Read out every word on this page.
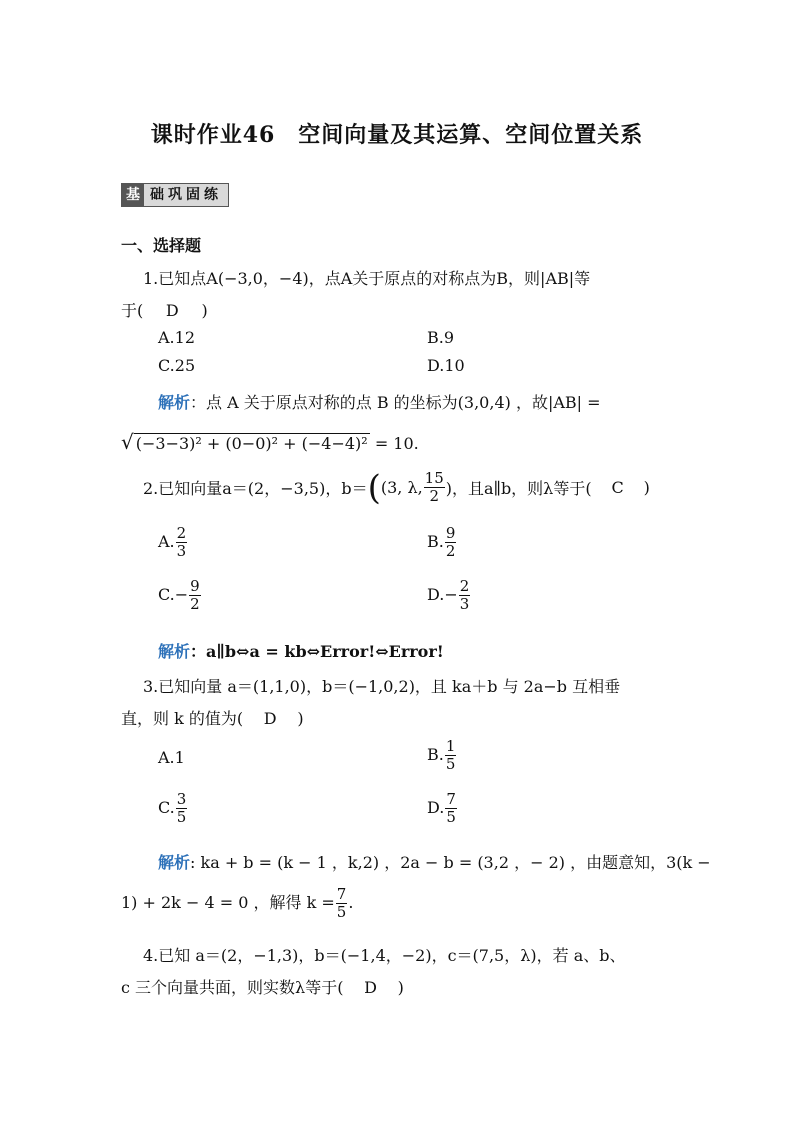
课时作业46　空间向量及其运算、空间位置关系
基 础巩固练
一、选择题
1.已知点A(−3,0，−4)，点A关于原点的对称点为B，则|AB|等
于( D )
A.12	B.9
C.25	D.10
解析：点 A 关于原点对称的点 B 的坐标为(3,0,4) ，故|AB| =
√ (−3−3)² + (0−0)² + (−4−4)² = 10.
2.已知向量a＝(2，−3,5)，b＝ ( (3, λ, $\frac{15}{2}$ )，且a∥b，则λ等于(	C	)
A. $\frac{2}{3}$	B. $\frac{9}{2}$
$C.- \frac{9}{2}$	$D.- \frac{2}{3}$
解析：a∥b⇔a = kb⇔Error!⇔Error!
3.已知向量 a＝(1,1,0)，b＝(−1,0,2)，且 ka＋b 与 2a−b 互相垂
直，则 k 的值为( D )
A.1	B. $\frac{1}{5}$
C. $\frac{3}{5}$	D. $\frac{7}{5}$
解析: ka + b = (k − 1 ，k,2) ，2a − b = (3,2 ，− 2) ，由题意知，3(k −
1) + 2k − 4 = 0 ，解得 $k = \frac{7}{5}$ .
4.已知 a＝(2，−1,3)，b＝(−1,4，−2)，c＝(7,5，λ)，若 a、b、
c 三个向量共面，则实数λ等于( D )
